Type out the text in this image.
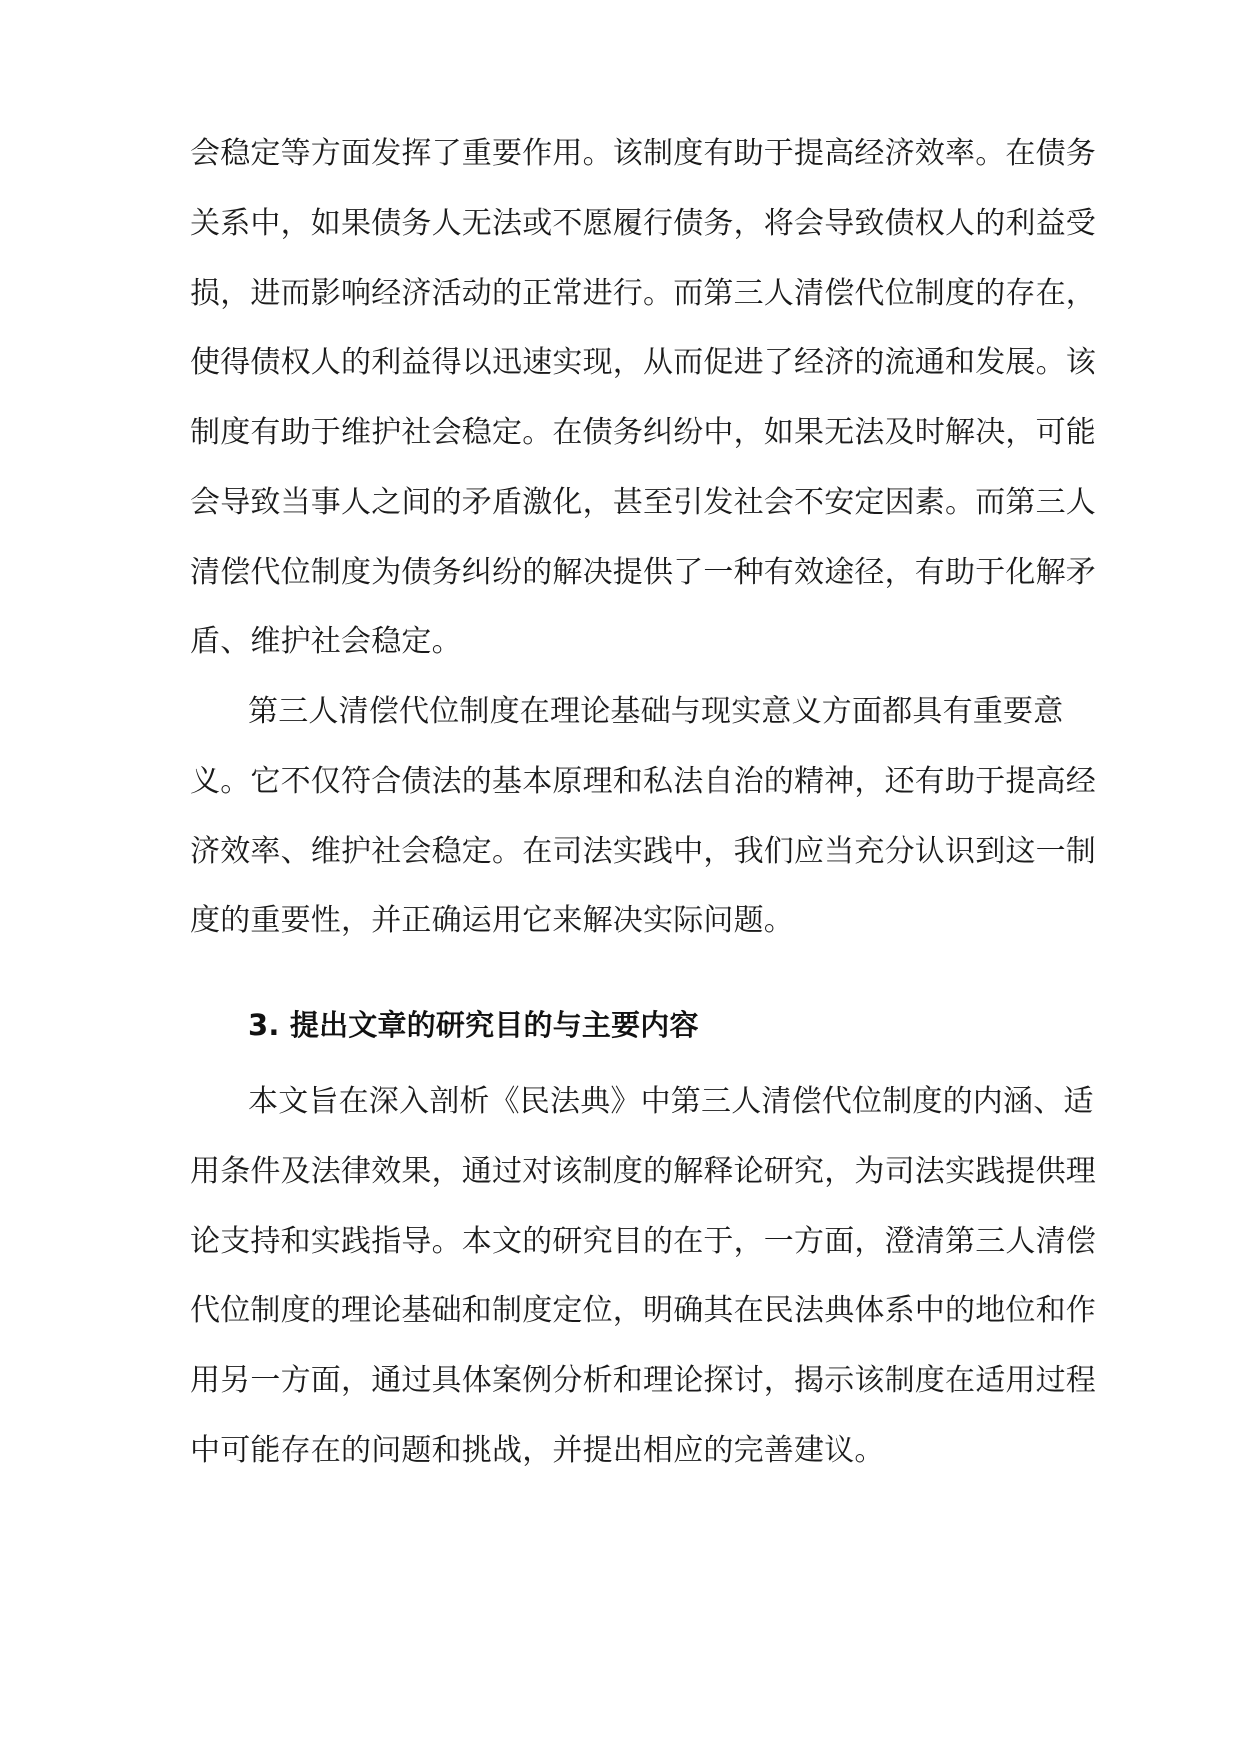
会稳定等方面发挥了重要作用。该制度有助于提高经济效率。在债务
关系中，如果债务人无法或不愿履行债务，将会导致债权人的利益受
损，进而影响经济活动的正常进行。而第三人清偿代位制度的存在，
使得债权人的利益得以迅速实现，从而促进了经济的流通和发展。该
制度有助于维护社会稳定。在债务纠纷中，如果无法及时解决，可能
会导致当事人之间的矛盾激化，甚至引发社会不安定因素。而第三人
清偿代位制度为债务纠纷的解决提供了一种有效途径，有助于化解矛
盾、维护社会稳定。
第三人清偿代位制度在理论基础与现实意义方面都具有重要意
义。它不仅符合债法的基本原理和私法自治的精神，还有助于提高经
济效率、维护社会稳定。在司法实践中，我们应当充分认识到这一制
度的重要性，并正确运用它来解决实际问题。
3. 提出文章的研究目的与主要内容
本文旨在深入剖析《民法典》中第三人清偿代位制度的内涵、适
用条件及法律效果，通过对该制度的解释论研究，为司法实践提供理
论支持和实践指导。本文的研究目的在于，一方面，澄清第三人清偿
代位制度的理论基础和制度定位，明确其在民法典体系中的地位和作
用另一方面，通过具体案例分析和理论探讨，揭示该制度在适用过程
中可能存在的问题和挑战，并提出相应的完善建议。
